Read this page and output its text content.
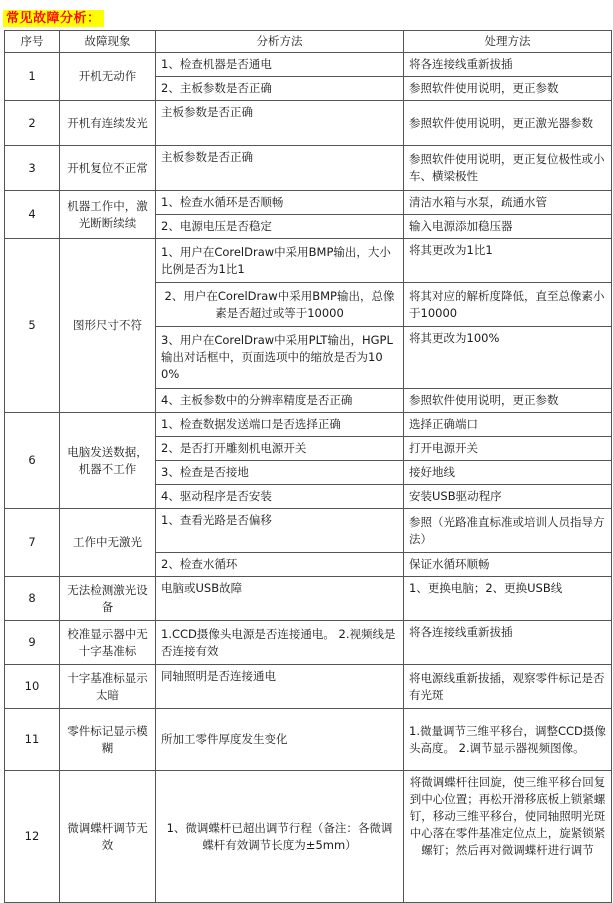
常见故障分析：
序号	故障现象	分析方法	处理方法
1	开机无动作	1、检查机器是否通电	将各连接线重新拔插
		2、主板参数是否正确	参照软件使用说明，更正参数
2	开机有连续发光	主板参数是否正确	参照软件使用说明，更正激光器参数
3	开机复位不正常	主板参数是否正确	参照软件使用说明，更正复位极性或小车、横梁极性
4	机器工作中，激光断断续续	1、检查水循环是否顺畅	清洁水箱与水泵，疏通水管
		2、电源电压是否稳定	输入电源添加稳压器
5	图形尺寸不符	1、用户在CorelDraw中采用BMP输出，大小比例是否为1比1	将其更改为1比1
		2、用户在CorelDraw中采用BMP输出，总像素是否超过或等于10000	将其对应的解析度降低，直至总像素小于10000
		3、用户在CorelDraw中采用PLT输出，HGPL输出对话框中，页面选项中的缩放是否为100%	将其更改为100%
		4、主板参数中的分辨率精度是否正确	参照软件使用说明，更正参数
6	电脑发送数据，机器不工作	1、检查数据发送端口是否选择正确	选择正确端口
		2、是否打开雕刻机电源开关	打开电源开关
		3、检查是否接地	接好地线
		4、驱动程序是否安装	安装USB驱动程序
7	工作中无激光	1、查看光路是否偏移	参照（光路准直标准或培训人员指导方法）
		2、检查水循环	保证水循环顺畅
8	无法检测激光设备	电脑或USB故障	1、更换电脑；2、更换USB线
9	校准显示器中无十字基准标	1.CCD摄像头电源是否连接通电。 2.视频线是否连接有效	将各连接线重新拔插
10	十字基准标显示太暗	同轴照明是否连接通电	将电源线重新拔插，观察零件标记是否有光斑
11	零件标记显示模糊	所加工零件厚度发生变化	1.微量调节三维平移台，调整CCD摄像头高度。 2.调节显示器视频图像。
12	微调蝶杆调节无效	1、微调蝶杆已超出调节行程（备注：各微调蝶杆有效调节长度为±5mm）	将微调蝶杆往回旋，使三维平移台回复到中心位置；再松开滑移底板上锁紧螺钉，移动三维平移台，使同轴照明光斑中心落在零件基准定位点上，旋紧锁紧螺钉；然后再对微调蝶杆进行调节
